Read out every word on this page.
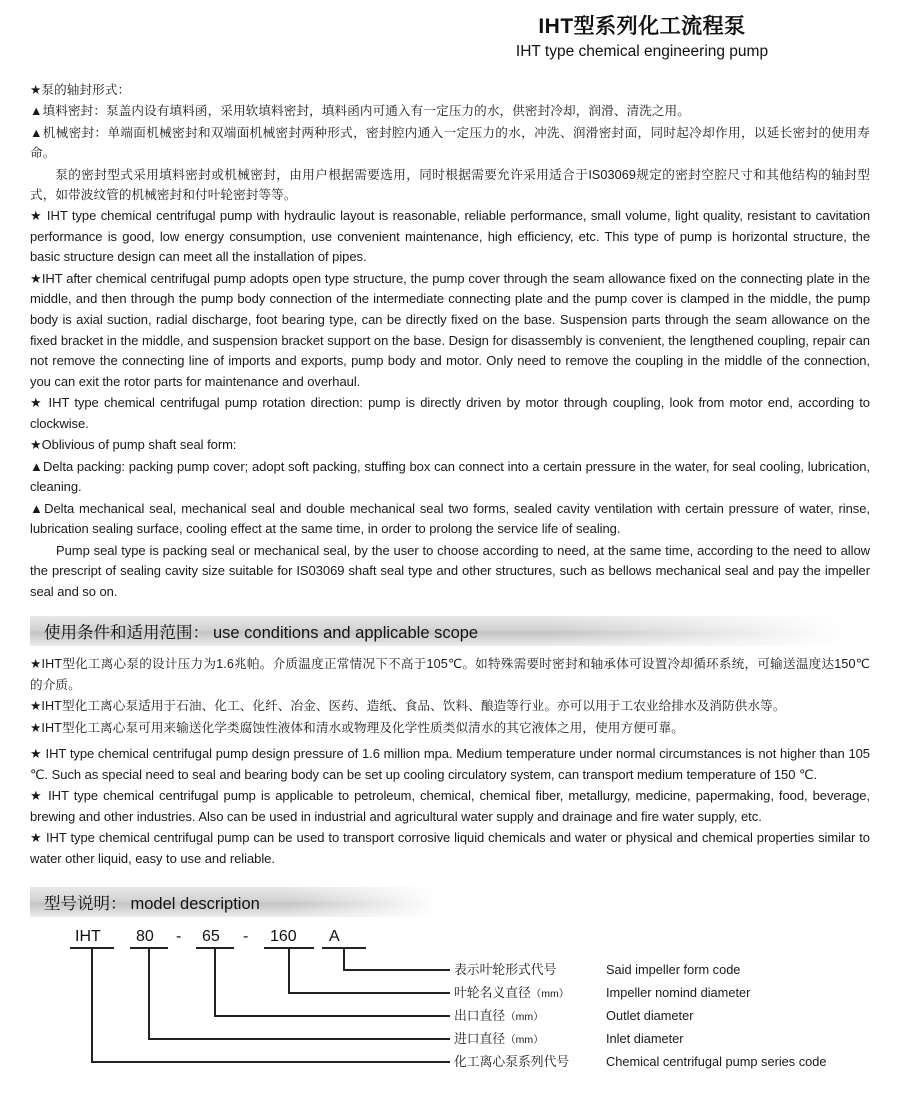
IHT型系列化工流程泵
IHT type chemical engineering pump

★泵的轴封形式：

▲填料密封：泵盖内设有填料函，采用软填料密封，填料函内可通入有一定压力的水，供密封冷却，润滑、清洗之用。

▲机械密封：单端面机械密封和双端面机械密封两种形式，密封腔内通入一定压力的水，冲洗、润滑密封面，同时起冷却作用，以延长密封的使用寿命。

泵的密封型式采用填料密封或机械密封，由用户根据需要选用，同时根据需要允许采用适合于IS03069规定的密封空腔尺寸和其他结构的轴封型式，如带波纹管的机械密封和付叶轮密封等等。

★ IHT type chemical centrifugal pump with hydraulic layout is reasonable, reliable performance, small volume, light quality, resistant to cavitation performance is good, low energy consumption, use convenient maintenance, high efficiency, etc. This type of pump is horizontal structure, the basic structure design can meet all the installation of pipes.

★IHT after chemical centrifugal pump adopts open type structure, the pump cover through the seam allowance fixed on the connecting plate in the middle, and then through the pump body connection of the intermediate connecting plate and the pump cover is clamped in the middle, the pump body is axial suction, radial discharge, foot bearing type, can be directly fixed on the base. Suspension parts through the seam allowance on the fixed bracket in the middle, and suspension bracket support on the base. Design for disassembly is convenient, the lengthened coupling, repair can not remove the connecting line of imports and exports, pump body and motor. Only need to remove the coupling in the middle of the connection, you can exit the rotor parts for maintenance and overhaul.

★ IHT type chemical centrifugal pump rotation direction: pump is directly driven by motor through coupling, look from motor end, according to clockwise.

★Oblivious of pump shaft seal form:

▲Delta packing: packing pump cover; adopt soft packing, stuffing box can connect into a certain pressure in the water, for seal cooling, lubrication, cleaning.

▲Delta mechanical seal, mechanical seal and double mechanical seal two forms, sealed cavity ventilation with certain pressure of water, rinse, lubrication sealing surface, cooling effect at the same time, in order to prolong the service life of sealing.

Pump seal type is packing seal or mechanical seal, by the user to choose according to need, at the same time, according to the need to allow the prescript of sealing cavity size suitable for IS03069 shaft seal type and other structures, such as bellows mechanical seal and pay the impeller seal and so on.

使用条件和适用范围： use conditions and applicable scope

★IHT型化工离心泵的设计压力为1.6兆帕。介质温度正常情况下不高于105℃。如特殊需要时密封和轴承体可设置冷却循环系统，可输送温度达150℃的介质。

★IHT型化工离心泵适用于石油、化工、化纤、冶金、医药、造纸、食品、饮料、酿造等行业。亦可以用于工农业给排水及消防供水等。

★IHT型化工离心泵可用来输送化学类腐蚀性液体和清水或物理及化学性质类似清水的其它液体之用，使用方便可靠。

★ IHT type chemical centrifugal pump design pressure of 1.6 million mpa. Medium temperature under normal circumstances is not higher than 105 ℃. Such as special need to seal and bearing body can be set up cooling circulatory system, can transport medium temperature of 150 ℃.

★ IHT type chemical centrifugal pump is applicable to petroleum, chemical, chemical fiber, metallurgy, medicine, papermaking, food, beverage, brewing and other industries. Also can be used in industrial and agricultural water supply and drainage and fire water supply, etc.

★ IHT type chemical centrifugal pump can be used to transport corrosive liquid chemicals and water or physical and chemical properties similar to water other liquid, easy to use and reliable.

型号说明： model description
IHT 80 - 65 - 160 A
表示叶轮形式代号	Said impeller form code
叶轮名义直径（mm）	Impeller nomind diameter
出口直径（mm）	Outlet diameter
进口直径（mm）	Inlet diameter
化工离心泵系列代号	Chemical centrifugal pump series code
